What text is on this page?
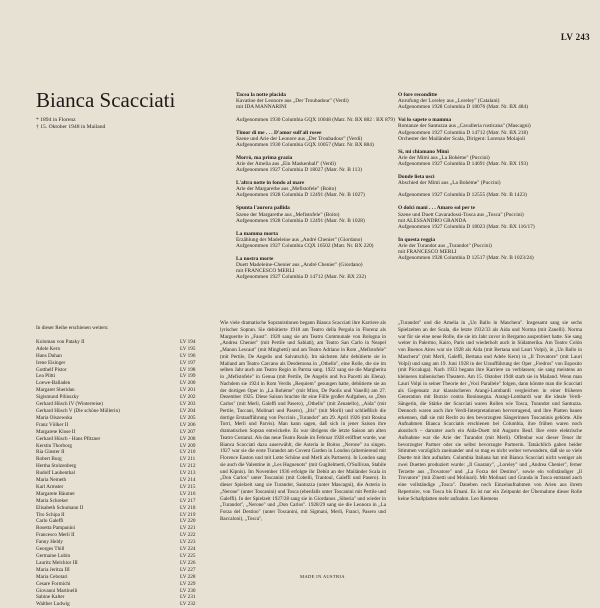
LV 243
Bianca Scacciati
* 1894 in Florenz
† 15. Oktober 1948 in Mailand
Tacea la notte placida
Kavatine der Leonore aus „Der Troubadour" (Verdi)
mit IDA MANNARINI

Aufgenommen 1930 Columbia GQX 10048 (Matr. Nr. BX 882 : BX 879)
Timor di me . . . D'amor sull'ali rosee
Szene und Arie der Leonore aus „Der Troubadour" (Verdi)
Aufgenommen 1930 Columbia GQX 10057 (Matr. Nr. BX 884)
Morrò, ma prima grazia
Arie der Amelia aus „Ein Maskenball" (Verdi)
Aufgenommen 1927 Columbia D 18027 (Matr. Nr. B 113)
L'altra notte in fondo al mare
Arie der Margarethe aus „Mefistofele" (Boito)
Aufgenommen 1928 Columbia D 12491 (Matr. Nr. B 1027)
Spunta l'aurora pallida
Szene der Margarethe aus „Mefistofele" (Boito)
Aufgenommen 1928 Columbia D 12491 (Matr. Nr. B 1028)
La mamma morta
Erzählung der Madeleine aus „André Chenier" (Giordano)
Aufgenommen 1927 Columbia CQX 16502 (Matr. Nr. BX 220)
La nostra morte
Duett Madeleine-Chenier aus „André Chenier" (Giordano)
mit FRANCESCO MERLI
Aufgenommen 1927 Columbia D 14712 (Matr. Nr. BX 232)
O fore reconditte
Anrufung der Loreley aus „Loreley" (Catalani)
Aufgenommen 1928 Columbia D 18076 (Matr. Nr. BX 484)
Voi lo sapete o mamma
Romanze der Santuzza aus „Cavalleria rusticana" (Mascagni)
Aufgenommen 1927 Columbia D 14712 (Matr. Nr. BX 218)
Orchester der Mailänder Scala, Dirigent: Lorenzo Molajoli
Sì, mi chiamano Mimì
Arie der Mimì aus „La Bohème" (Puccini)
Aufgenommen 1927 Columbia D 14691 (Matr. Nr. BX 193)
Donde lieta usci
Abschied der Mimì aus „La Bohème" (Puccini)

Aufgenommen 1927 Columbia D 12555 (Matr. Nr. B 1423)
O dolci mani . . . Amaro sol per te
Szene und Duett Cavaradossi-Tosca aus „Tosca" (Puccini)
mit ALESSANDRO GRANDA
Aufgenommen 1927 Columbia D 18023 (Matr. Nr. BX 116/17)
In questa reggia
Arie der Turandot aus „Turandot" (Puccini)
mit FRANCESCO MERLI
Aufgenommen 1928 Columbia D 12517 (Matr. Nr. B 1023/24)
In dieser Reihe erschienen weiters:
Koloman von Pataky II	LV 194
Adele Kern	LV 195
Hans Duhan	LV 196
Irene Eisinger	LV 197
Gotthelf Pistor	LV 198
Lea Piltti	LV 199
Loewe-Balladen	LV 200
Margaret Sheridan	LV 201
Sigismund Pilinszky	LV 202
Gerhard Hüsch IV (Winterreise)	LV 203
Gerhard Hüsch V (Die schöne Müllerin)	LV 204
Maria Olszewska	LV 205
Franz Völker II	LV 206
Margarete Klose II	LV 207
Gerhard Hüsch - Hans Pfitzner	LV 208
Kerstin Thorborg	LV 209
Ria Ginster II	LV 210
Robert Burg	LV 211
Hertha Stolzenberg	LV 212
Rudolf Laubenthal	LV 213
Maria Nemeth	LV 214
Karl Armster	LV 215
Margarete Bäumer	LV 216
Maria Schreker	LV 217
Elisabeth Schumann II	LV 218
Tito Schipa II	LV 219
Carlo Galeffi	LV 220
Rosetta Pampanini	LV 221
Francesco Merli II	LV 222
Fanny Heldy	LV 223
Georges Thill	LV 224
Germaine Lubin	LV 225
Lauritz Melchior III	LV 226
Maria Jeritza III	LV 227
Maria Cebotari	LV 228
Cesare Formichi	LV 229
Giovanni Martinelli	LV 230
Sabine Kalter	LV 231
Walther Ludwig	LV 232

Wie viele dramatische Sopranistinnen begann Bianca Scacciati ihre Karriere als lyrischer Sopran. Sie debütierte 1918 am Teatro della Pergola in Florenz als Marguerite in „Faust". 1920 sang sie am Teatro Communale von Bologna in „Andrea Chenier" (mit Pertile und Sabiati), am Teatro San Carlo in Neapel „Manon Lescaut" (mit Minghetti) und am Teatro Adriano in Rom „Mefistofele" (mit Pertile, De Angelis und Salvatschi). Im nächsten Jahr debütierte sie in Mailand am Teatro Carcano als Desdemona in „Othello", eine Rolle, die sie im selben Jahr auch am Teatro Regio in Parma sang. 1922 sang sie die Margherita in „Mefistofele" in Genua (mit Pertile, De Angelis und Iva Pacetti als Elena). Nachdem sie 1924 in Rom Verdis „Requiem" gesungen hatte, debütierte sie an der dortigen Oper in „La Bohème" (mit Mion, De Paolis und Vanelli) am 27. Dezember 1925. Diese Saison brachte ihr eine Fülle großer Aufgaben, so „Don Carlos" (mit Merli, Galeffi und Pasero), „Othello" (mit Zenatello), „Aida" (mit Pertile, Taccani, Molinari und Pasero), „Iris" (mit Morli) und schließlich die dortige Erstaufführung von Puccinis „Turandot" am 29. April 1926 (mit Rosina Torri, Merli und Parvis). Man kann sagen, daß sich in jener Saison ihre dramatischen Sopran entwickelte. Es war übrigens die letzte Saison am alten Teatro Costanzi. Als das neue Teatro Reale im Februar 1928 eröffnet wurde, war Bianca Scacciati dazu auserwählt, die Asteria in Boitos „Nerone" zu singen. 1927 war sie die erste Turandot am Covent Garden in London (alternierend mit Florence Easton und mit Lotte Schöne und Merli als Partnern). In London sang sie auch die Valentine in „Les Huguenots" (mit Guglielmetti, O'Sullivan, Stabile und Kipnis). Im November 1936 erfolgte ihr Debüt an der Mailänder Scala in „Don Carlos" unter Toscanini (mit Cobelli, Trantoul, Galeffi und Pasero). In dieser Spielzeit sang sie Turandot, Santuzza (unter Mascagni), die Asteria in „Nerone" (unter Toscanini) und Tosca (ebenfalls unter Toscanini mit Pertile und Galeffi). In der Spielzeit 1927/28 sang sie in Giordanos „Siberia" und wieder in „Turandot", „Nerone" und „Don Carlos". 1928/29 sang sie die Leonora in „La Forza del Destino" (unter Toscanini, mit Sigmani, Merli, Franci, Pasero und Baccaloni), „Tosca",

„Turandot" und die Amelia in „Un Ballo in Maschera". Insgesamt sang sie sechs Spielzeiten an der Scala, die letzte 1932/33 als Aida und Norma (mit Zanelli). Norma war für sie eine neue Rolle, die sie im Jahr zuvor in Bergamo ausprobiert hatte. Sie sang weiter in Palermo, Kairo, Paris und wiederholt auch in Südamerika. Am Teatro Colón von Buenos Aires war sie 1928 als Aida (mit Bertana und Lauri Volpi), in „Un Ballo in Maschera" (mit Merli, Galeffi, Bertana und Adele Kern) in „Il Trovatore" (mit Lauri Volpi) und sang am 19. Juni 1928 in der Uraufführung der Oper „Fredros" von Esposito (mit Piccaluga). Nach 1933 begann ihre Karriere zu verblassen; sie sang meistens an kleineren italienischen Theatern. Am 15. Oktober 1948 starb sie in Mailand. Wenn man Lauri Volpi in seiner Theorie der „Voci Parallele" folgen, dann könnte man die Scacciati als Gegensatz zur klassischeren Arangi-Lombardi vergleichen in einer früheren Generation mit Burzio contra Boninsegna. Arangi-Lombardi war die ideale Verdi-Sängerin, die Stärke der Scacciati waren Rollen wie Tosca, Turandot und Santuzza. Dennoch waren auch ihre Verdi-Interpretationen hervorragend, und ihre Platten bauen erkennen, daß sie mit Recht zu den bevorzugten Sängerinnen Toscaninis gehörte. Alle Aufnahmen Bianca Scacciatis erschienen bei Columbia, ihre frühen waren noch akustisch – darunter auch ein Aida-Duett mit Augusto Beuf. Ihre erste elektrische Aufnahme war die Arie der Turandot (mit Merli). Offenbar war dieser Tenor ihr bevorzugter Partner oder sie selbst bevorzugte Partnerin. Tatsächlich gaben beider Stimmen vorzüglich zueinander und so mag es nicht weiter verwundern, daß sie so viele Duette mit ihm aufnahm. Columbia Italiana hat mit Bianca Scacciati nicht weniger als zwei Duetten produziert wurde: „Il Guarany", „Loreley" und „Andrea Chenier", ferner Terzette aus „Trovatore" und „La Forza del Destino", sowie ein vollständiger „Il Trovatore" (mit Zinetti und Molinari). Mit Molinari und Granda in Tosca entstand auch eine vollständige „Tosca". Daneben noch Einzelaufnahmen von Arien aus ihrem Repertoire, von Tosca bis Ernani. Es ist nur ein Zeitpunkt der Übernahme dieser Rolle keine Schallplatten mehr aufnahm. Leo Riemens

MADE IN AUSTRIA
